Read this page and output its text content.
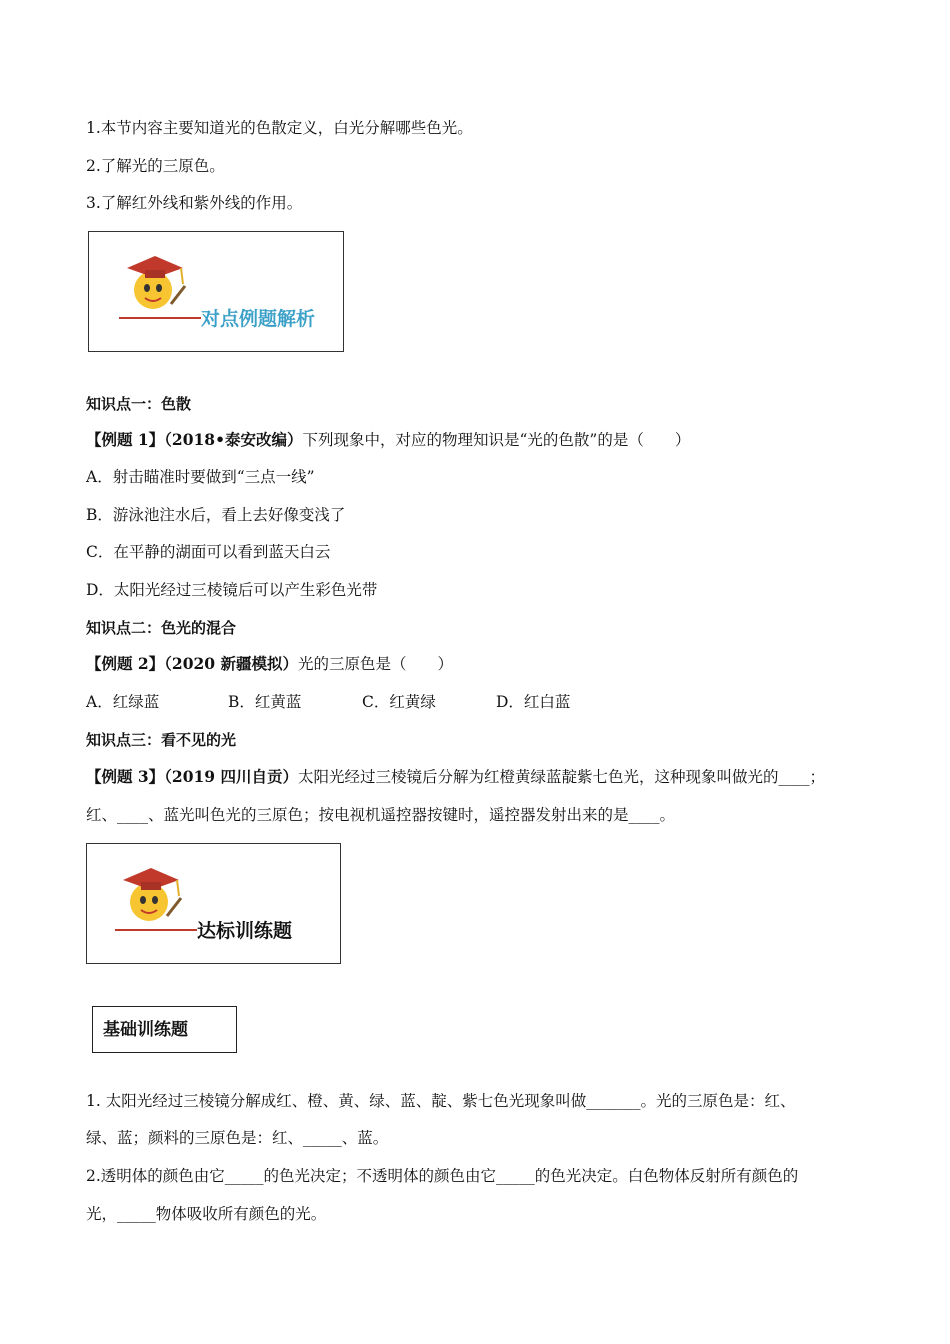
1.本节内容主要知道光的色散定义，白光分解哪些色光。
2.了解光的三原色。
3.了解红外线和紫外线的作用。
对点例题解析
知识点一：色散
【例题 1】（2018•泰安改编）下列现象中，对应的物理知识是“光的色散”的是（　　）
A．射击瞄准时要做到“三点一线”
B．游泳池注水后，看上去好像变浅了
C．在平静的湖面可以看到蓝天白云
D．太阳光经过三棱镜后可以产生彩色光带
知识点二：色光的混合
【例题 2】（2020 新疆模拟）光的三原色是（　　）
A．红绿蓝	B．红黄蓝	C．红黄绿	D．红白蓝
知识点三：看不见的光
【例题 3】（2019 四川自贡）太阳光经过三棱镜后分解为红橙黄绿蓝靛紫七色光，这种现象叫做光的____；
红、____、蓝光叫色光的三原色；按电视机遥控器按键时，遥控器发射出来的是____。
达标训练题
基础训练题
1. 太阳光经过三棱镜分解成红、橙、黄、绿、蓝、靛、紫七色光现象叫做_______。光的三原色是：红、
绿、蓝；颜料的三原色是：红、_____、蓝。
2.透明体的颜色由它_____的色光决定；不透明体的颜色由它_____的色光决定。白色物体反射所有颜色的
光，_____物体吸收所有颜色的光。
